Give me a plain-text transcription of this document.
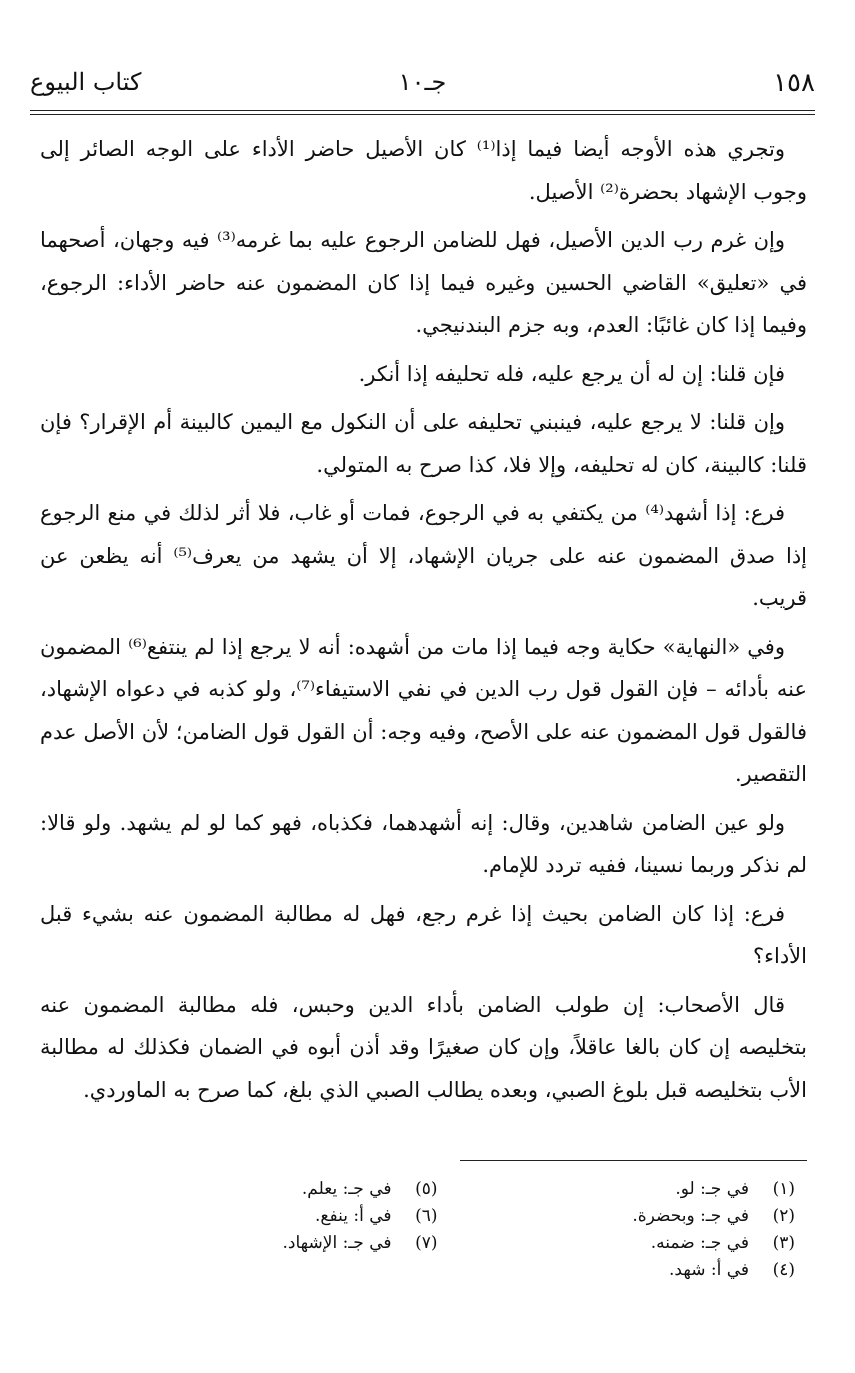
١٥٨
جـ١٠
كتاب البيوع

وتجري هذه الأوجه أيضا فيما إذا⁽¹⁾ كان الأصيل حاضر الأداء على الوجه الصائر إلى وجوب الإشهاد بحضرة⁽²⁾ الأصيل.

وإن غرم رب الدين الأصيل، فهل للضامن الرجوع عليه بما غرمه⁽³⁾ فيه وجهان، أصحهما في «تعليق» القاضي الحسين وغيره فيما إذا كان المضمون عنه حاضر الأداء: الرجوع، وفيما إذا كان غائبًا: العدم، وبه جزم البندنيجي.

فإن قلنا: إن له أن يرجع عليه، فله تحليفه إذا أنكر.

وإن قلنا: لا يرجع عليه، فينبني تحليفه على أن النكول مع اليمين كالبينة أم الإقرار؟ فإن قلنا: كالبينة، كان له تحليفه، وإلا فلا، كذا صرح به المتولي.

فرع: إذا أشهد⁽⁴⁾ من يكتفي به في الرجوع، فمات أو غاب، فلا أثر لذلك في منع الرجوع إذا صدق المضمون عنه على جريان الإشهاد، إلا أن يشهد من يعرف⁽⁵⁾ أنه يظعن عن قريب.

وفي «النهاية» حكاية وجه فيما إذا مات من أشهده: أنه لا يرجع إذا لم ينتفع⁽⁶⁾ المضمون عنه بأدائه – فإن القول قول رب الدين في نفي الاستيفاء⁽⁷⁾، ولو كذبه في دعواه الإشهاد، فالقول قول المضمون عنه على الأصح، وفيه وجه: أن القول قول الضامن؛ لأن الأصل عدم التقصير.

ولو عين الضامن شاهدين، وقال: إنه أشهدهما، فكذباه، فهو كما لو لم يشهد. ولو قالا: لم نذكر وربما نسينا، ففيه تردد للإمام.

فرع: إذا كان الضامن بحيث إذا غرم رجع، فهل له مطالبة المضمون عنه بشيء قبل الأداء؟

قال الأصحاب: إن طولب الضامن بأداء الدين وحبس، فله مطالبة المضمون عنه بتخليصه إن كان بالغا عاقلاً، وإن كان صغيرًا وقد أذن أبوه في الضمان فكذلك له مطالبة الأب بتخليصه قبل بلوغ الصبي، وبعده يطالب الصبي الذي بلغ، كما صرح به الماوردي.

(١)في جـ: لو.
(٢)في جـ: وبحضرة.
(٣)في جـ: ضمنه.
(٤)في أ: شهد.
(٥)في جـ: يعلم.
(٦)في أ: ينفع.
(٧)في جـ: الإشهاد.
